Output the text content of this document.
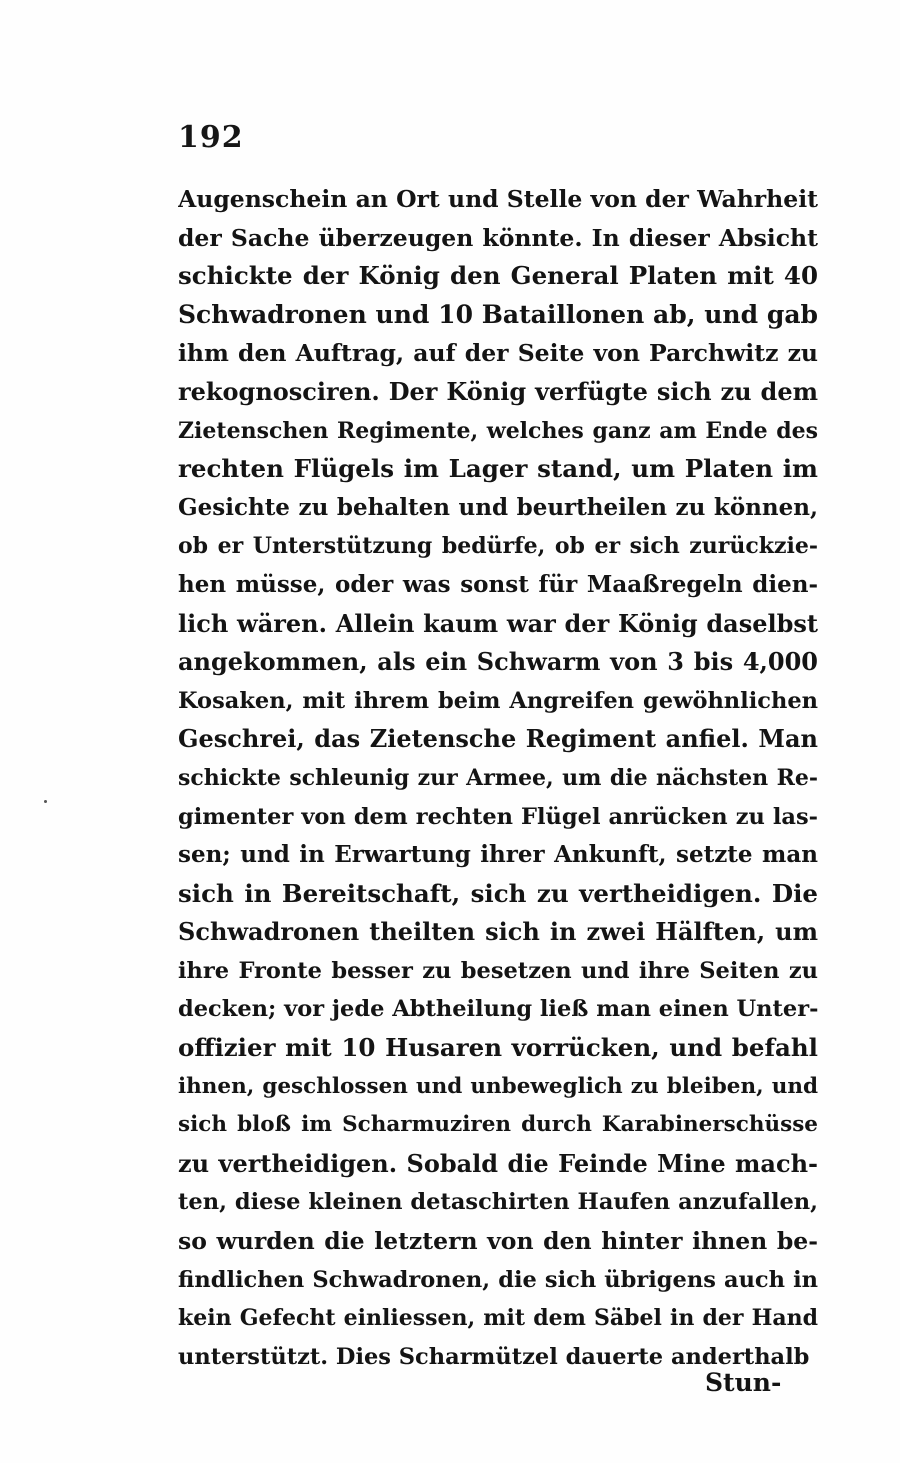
192
Augenschein an Ort und Stelle von der Wahrheit
der Sache überzeugen könnte. In dieser Absicht
schickte der König den General Platen mit 40
Schwadronen und 10 Bataillonen ab, und gab
ihm den Auftrag, auf der Seite von Parchwitz zu
rekognosciren. Der König verfügte sich zu dem
Zietenschen Regimente, welches ganz am Ende des
rechten Flügels im Lager stand, um Platen im
Gesichte zu behalten und beurtheilen zu können,
ob er Unterstützung bedürfe, ob er sich zurückzie-
hen müsse, oder was sonst für Maaßregeln dien-
lich wären. Allein kaum war der König daselbst
angekommen, als ein Schwarm von 3 bis 4,000
Kosaken, mit ihrem beim Angreifen gewöhnlichen
Geschrei, das Zietensche Regiment anfiel. Man
schickte schleunig zur Armee, um die nächsten Re-
gimenter von dem rechten Flügel anrücken zu las-
sen; und in Erwartung ihrer Ankunft, setzte man
sich in Bereitschaft, sich zu vertheidigen. Die
Schwadronen theilten sich in zwei Hälften, um
ihre Fronte besser zu besetzen und ihre Seiten zu
decken; vor jede Abtheilung ließ man einen Unter-
offizier mit 10 Husaren vorrücken, und befahl
ihnen, geschlossen und unbeweglich zu bleiben, und
sich bloß im Scharmuziren durch Karabinerschüsse
zu vertheidigen. Sobald die Feinde Mine mach-
ten, diese kleinen detaschirten Haufen anzufallen,
so wurden die letztern von den hinter ihnen be-
findlichen Schwadronen, die sich übrigens auch in
kein Gefecht einliessen, mit dem Säbel in der Hand
unterstützt. Dies Scharmützel dauerte anderthalb
Stun-
